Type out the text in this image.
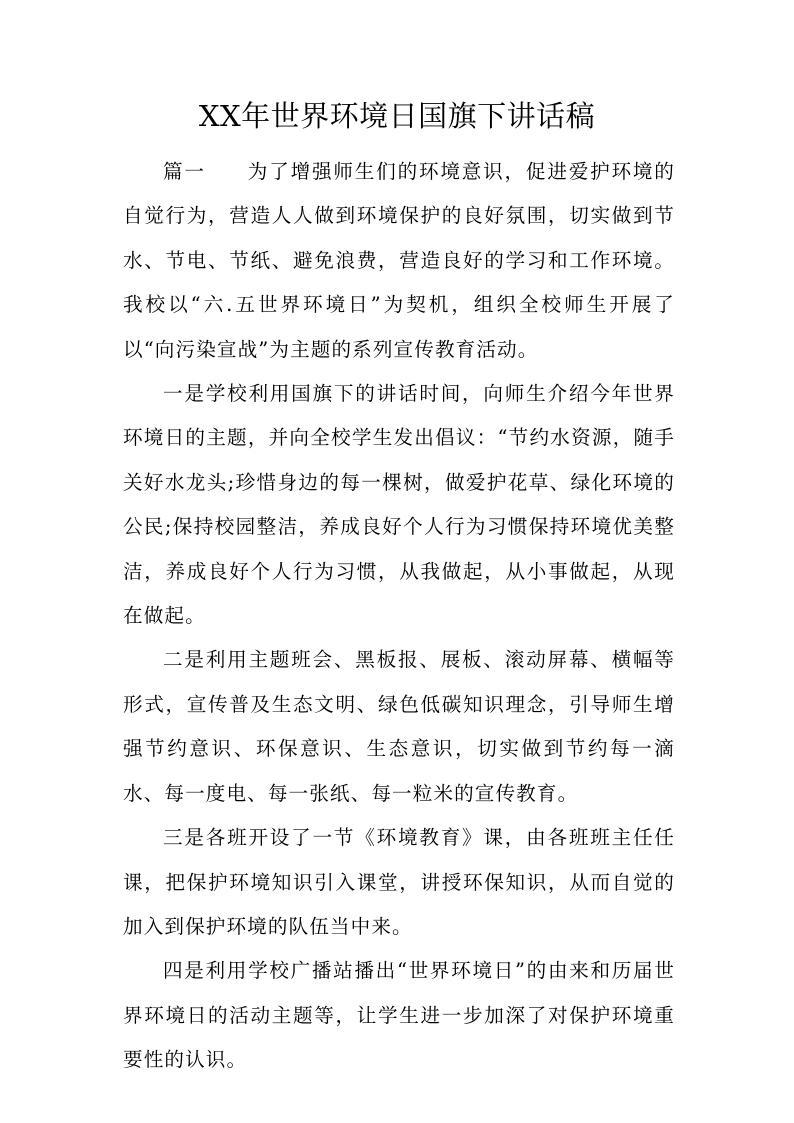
XX年世界环境日国旗下讲话稿

篇一 为了增强师生们的环境意识，促进爱护环境的自觉行为，营造人人做到环境保护的良好氛围，切实做到节水、节电、节纸、避免浪费，营造良好的学习和工作环境。我校以“六.五世界环境日”为契机，组织全校师生开展了以“向污染宣战”为主题的系列宣传教育活动。

一是学校利用国旗下的讲话时间，向师生介绍今年世界环境日的主题，并向全校学生发出倡议：“节约水资源，随手关好水龙头;珍惜身边的每一棵树，做爱护花草、绿化环境的公民;保持校园整洁，养成良好个人行为习惯保持环境优美整洁，养成良好个人行为习惯，从我做起，从小事做起，从现在做起。

二是利用主题班会、黑板报、展板、滚动屏幕、横幅等形式，宣传普及生态文明、绿色低碳知识理念，引导师生增强节约意识、环保意识、生态意识，切实做到节约每一滴水、每一度电、每一张纸、每一粒米的宣传教育。

三是各班开设了一节《环境教育》课，由各班班主任任课，把保护环境知识引入课堂，讲授环保知识，从而自觉的加入到保护环境的队伍当中来。

四是利用学校广播站播出“世界环境日”的由来和历届世界环境日的活动主题等，让学生进一步加深了对保护环境重要性的认识。
